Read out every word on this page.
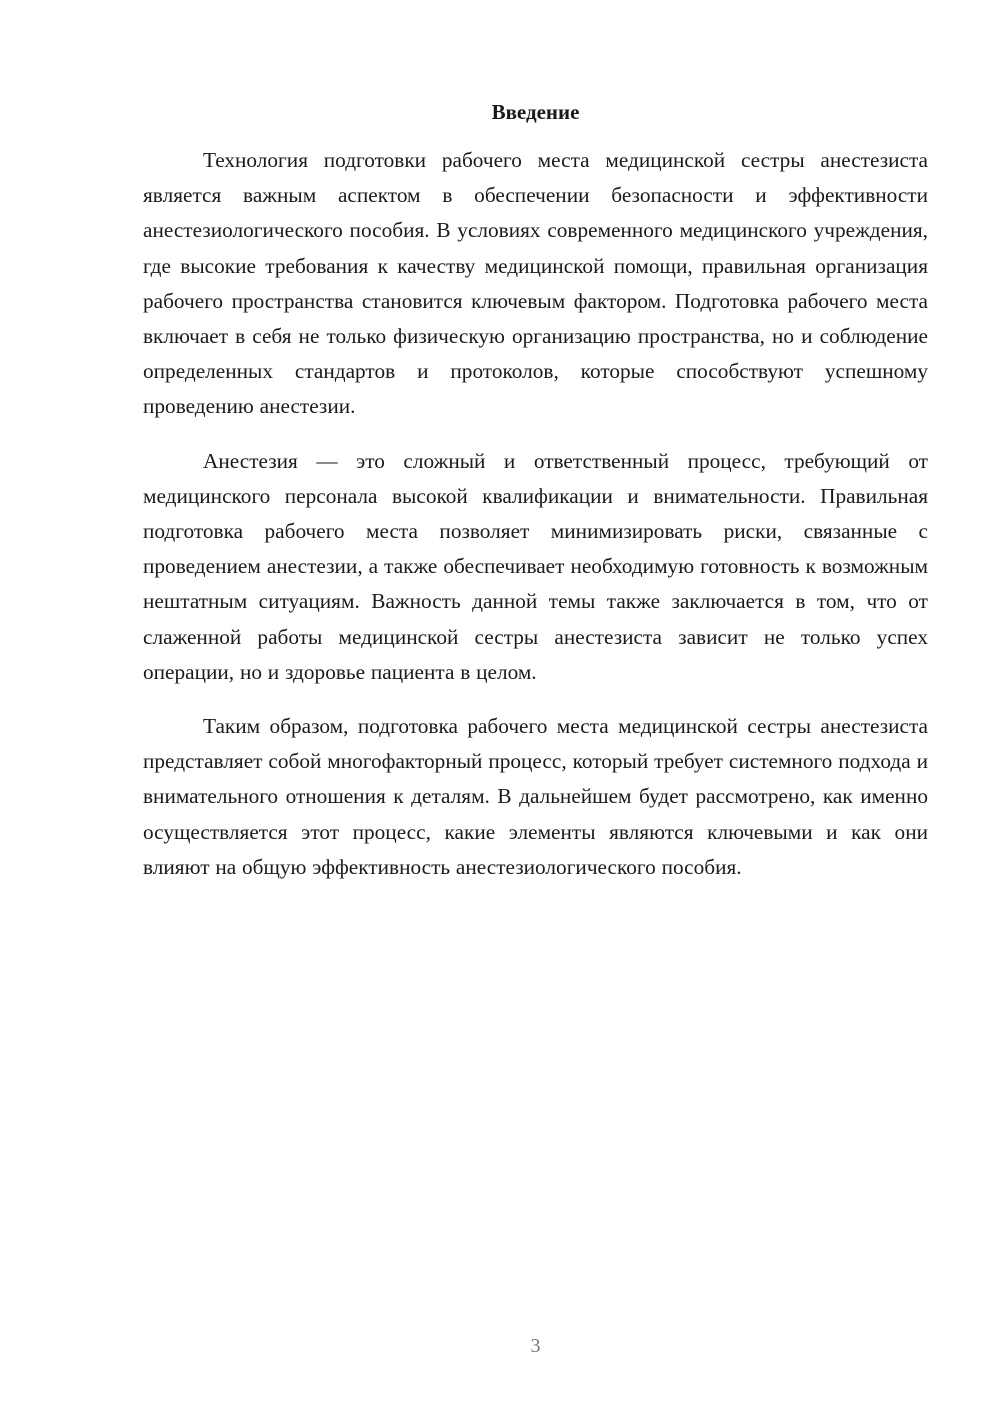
Введение

Технология подготовки рабочего места медицинской сестры анестезиста является важным аспектом в обеспечении безопасности и эффективности анестезиологического пособия. В условиях современного медицинского учреждения, где высокие требования к качеству медицинской помощи, правильная организация рабочего пространства становится ключевым фактором. Подготовка рабочего места включает в себя не только физическую организацию пространства, но и соблюдение определенных стандартов и протоколов, которые способствуют успешному проведению анестезии.

Анестезия — это сложный и ответственный процесс, требующий от медицинского персонала высокой квалификации и внимательности. Правильная подготовка рабочего места позволяет минимизировать риски, связанные с проведением анестезии, а также обеспечивает необходимую готовность к возможным нештатным ситуациям. Важность данной темы также заключается в том, что от слаженной работы медицинской сестры анестезиста зависит не только успех операции, но и здоровье пациента в целом.

Таким образом, подготовка рабочего места медицинской сестры анестезиста представляет собой многофакторный процесс, который требует системного подхода и внимательного отношения к деталям. В дальнейшем будет рассмотрено, как именно осуществляется этот процесс, какие элементы являются ключевыми и как они влияют на общую эффективность анестезиологического пособия.

3
